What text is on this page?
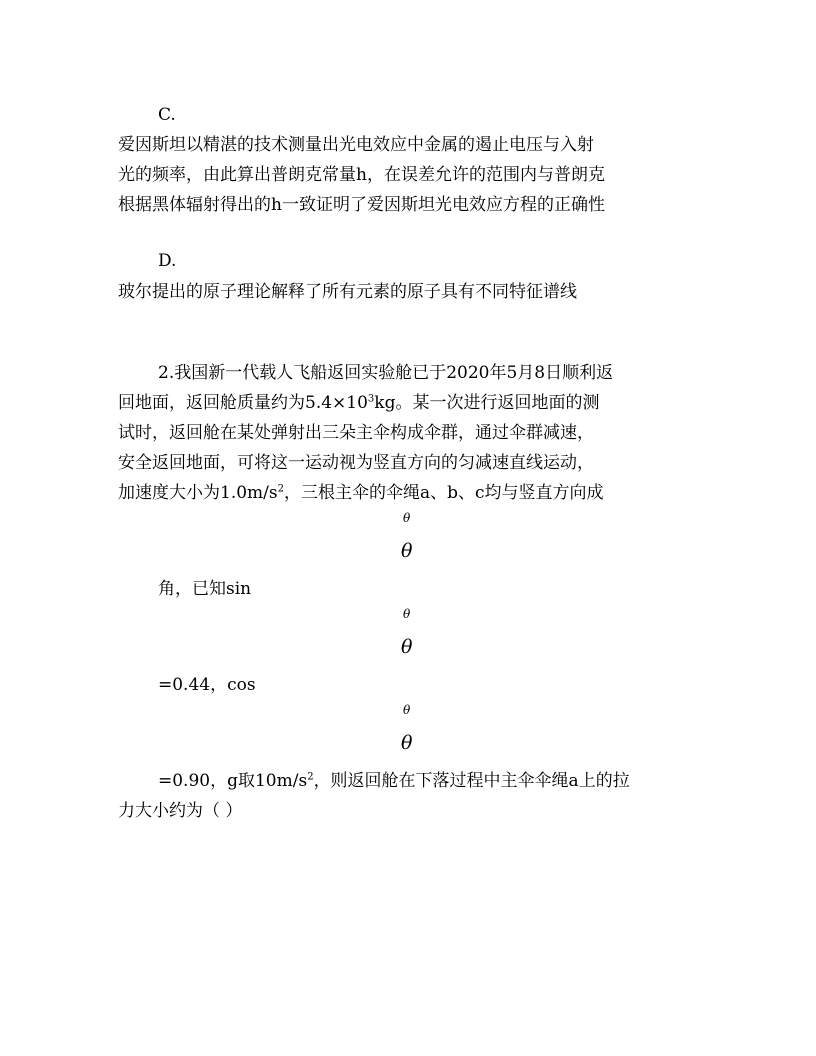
C.
爱因斯坦以精湛的技术测量出光电效应中金属的遏止电压与入射
光的频率，由此算出普朗克常量h，在误差允许的范围内与普朗克
根据黑体辐射得出的h一致证明了爱因斯坦光电效应方程的正确性
D.
玻尔提出的原子理论解释了所有元素的原子具有不同特征谱线
2.我国新一代载人飞船返回实验舱已于2020年5月8日顺利返
回地面，返回舱质量约为$5.4\times 10^3kg$。某一次进行返回地面的测
试时，返回舱在某处弹射出三朵主伞构成伞群，通过伞群减速，
安全返回地面，可将这一运动视为竖直方向的匀减速直线运动，
加速度大小为$1.0m/s^2$，三根主伞的伞绳a、b、c均与竖直方向成
θ
θ
角，已知sin
θ
θ
=0.44，cos
θ
θ
=0.90，g取$10m/s^2$，则返回舱在下落过程中主伞伞绳a上的拉
力大小约为（ ）
